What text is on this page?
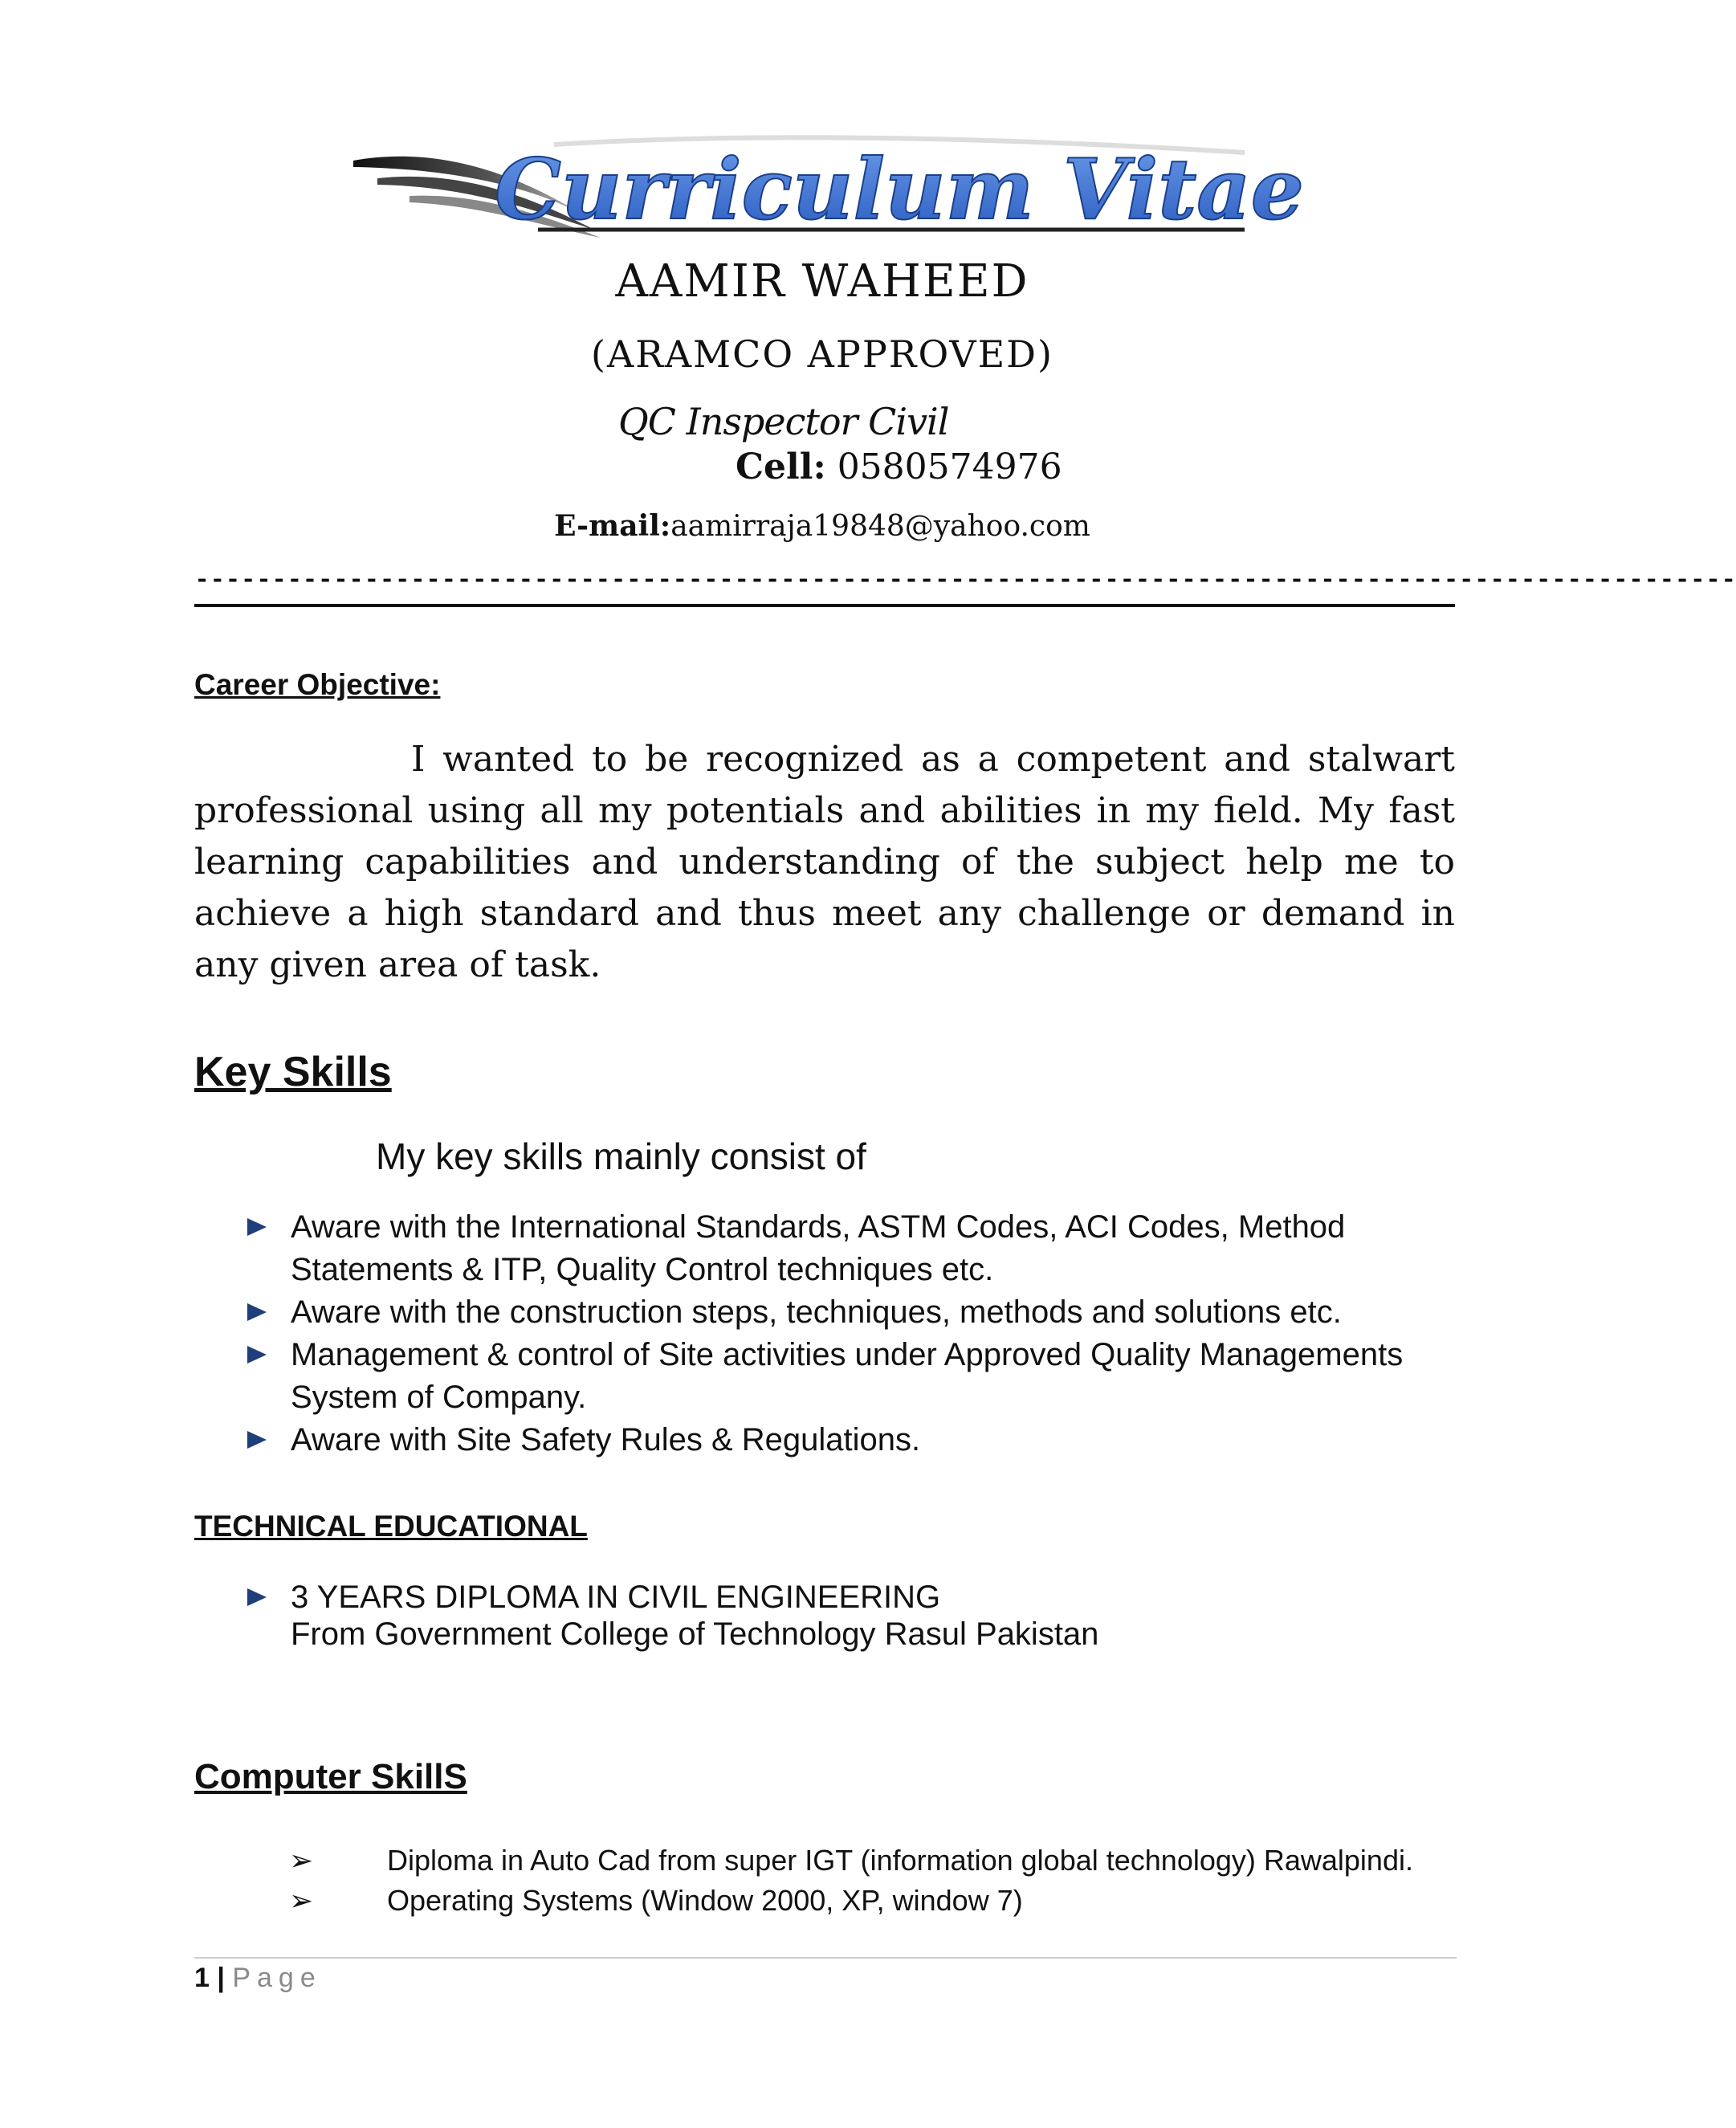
Curriculum Vitae
AAMIR WAHEED
(ARAMCO APPROVED)
QC Inspector Civil
Cell: 0580574976
E-mail:aamirraja19848@yahoo.com
----------------------------------------------------------------------------------------------------
Career Objective:
I wanted to be recognized as a competent and stalwart professional using all my potentials and abilities in my field. My fast learning capabilities and understanding of the subject help me to achieve a high standard and thus meet any challenge or demand in any given area of task.
Key Skills
My key skills mainly consist of
Aware with the International Standards, ASTM Codes, ACI Codes, Method Statements & ITP, Quality Control techniques etc.
Aware with the construction steps, techniques, methods and solutions etc.
Management & control of Site activities under Approved Quality Managements System of Company.
Aware with Site Safety Rules & Regulations.
TECHNICAL EDUCATIONAL
3 YEARS DIPLOMA IN CIVIL ENGINEERING
From Government College of Technology Rasul Pakistan
Computer SkillS
➢	Diploma in Auto Cad from super IGT (information global technology) Rawalpindi.
➢	Operating Systems (Window 2000, XP, window 7)
1 | Page
